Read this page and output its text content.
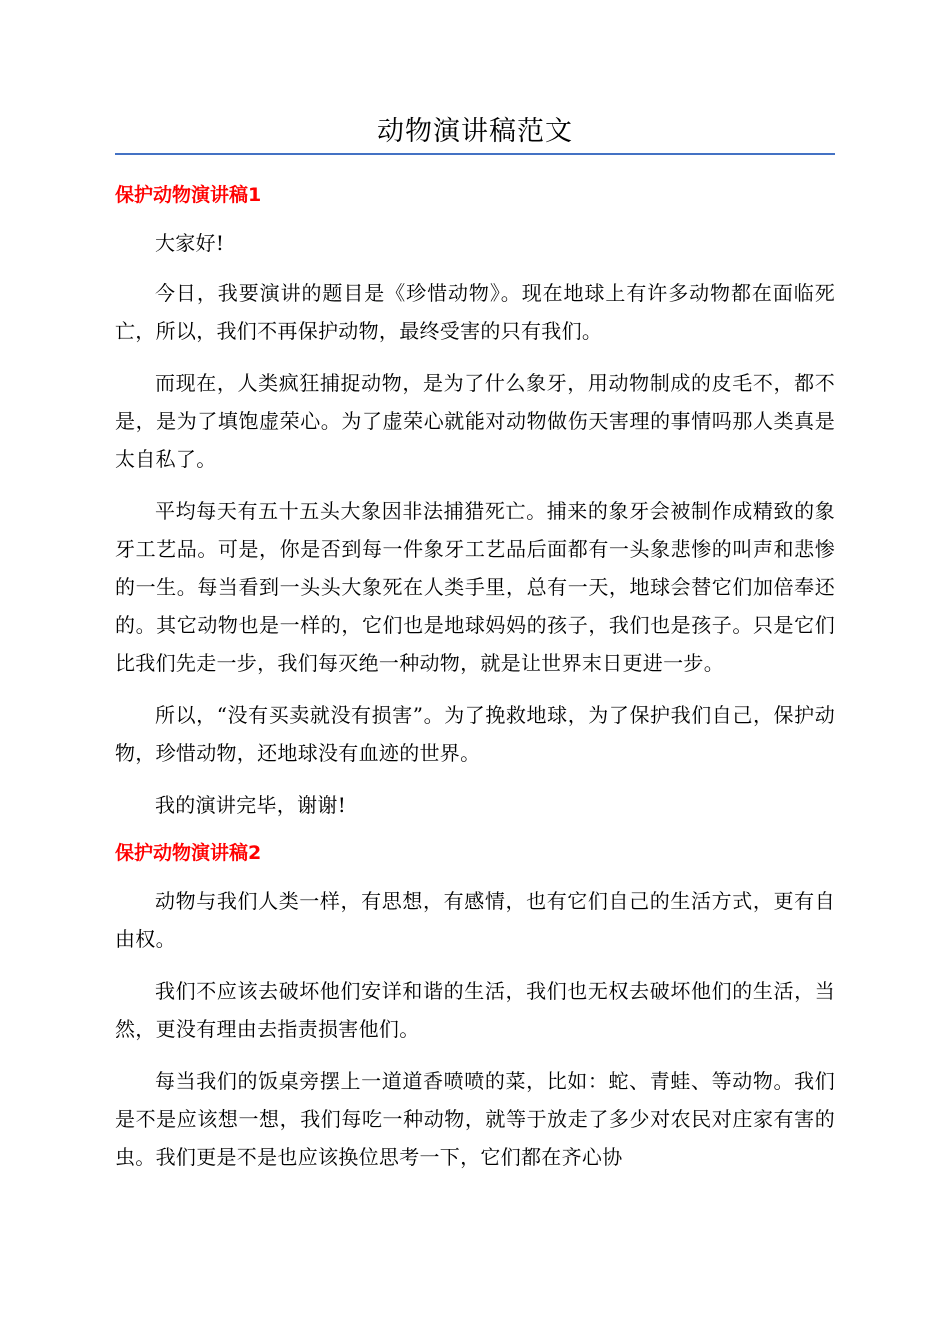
动物演讲稿范文
保护动物演讲稿1

大家好!

今日，我要演讲的题目是《珍惜动物》。现在地球上有许多动物都在面临死亡，所以，我们不再保护动物，最终受害的只有我们。

而现在，人类疯狂捕捉动物，是为了什么象牙，用动物制成的皮毛不，都不是，是为了填饱虚荣心。为了虚荣心就能对动物做伤天害理的事情吗那人类真是太自私了。

平均每天有五十五头大象因非法捕猎死亡。捕来的象牙会被制作成精致的象牙工艺品。可是，你是否到每一件象牙工艺品后面都有一头象悲惨的叫声和悲惨的一生。每当看到一头头大象死在人类手里，总有一天，地球会替它们加倍奉还的。其它动物也是一样的，它们也是地球妈妈的孩子，我们也是孩子。只是它们比我们先走一步，我们每灭绝一种动物，就是让世界末日更进一步。

所以，“没有买卖就没有损害”。为了挽救地球，为了保护我们自己，保护动物，珍惜动物，还地球没有血迹的世界。

我的演讲完毕，谢谢!

保护动物演讲稿2

动物与我们人类一样，有思想，有感情，也有它们自己的生活方式，更有自由权。

我们不应该去破坏他们安详和谐的生活，我们也无权去破坏他们的生活，当然，更没有理由去指责损害他们。

每当我们的饭桌旁摆上一道道香喷喷的菜，比如：蛇、青蛙、等动物。我们是不是应该想一想，我们每吃一种动物，就等于放走了多少对农民对庄家有害的虫。我们更是不是也应该换位思考一下，它们都在齐心协
